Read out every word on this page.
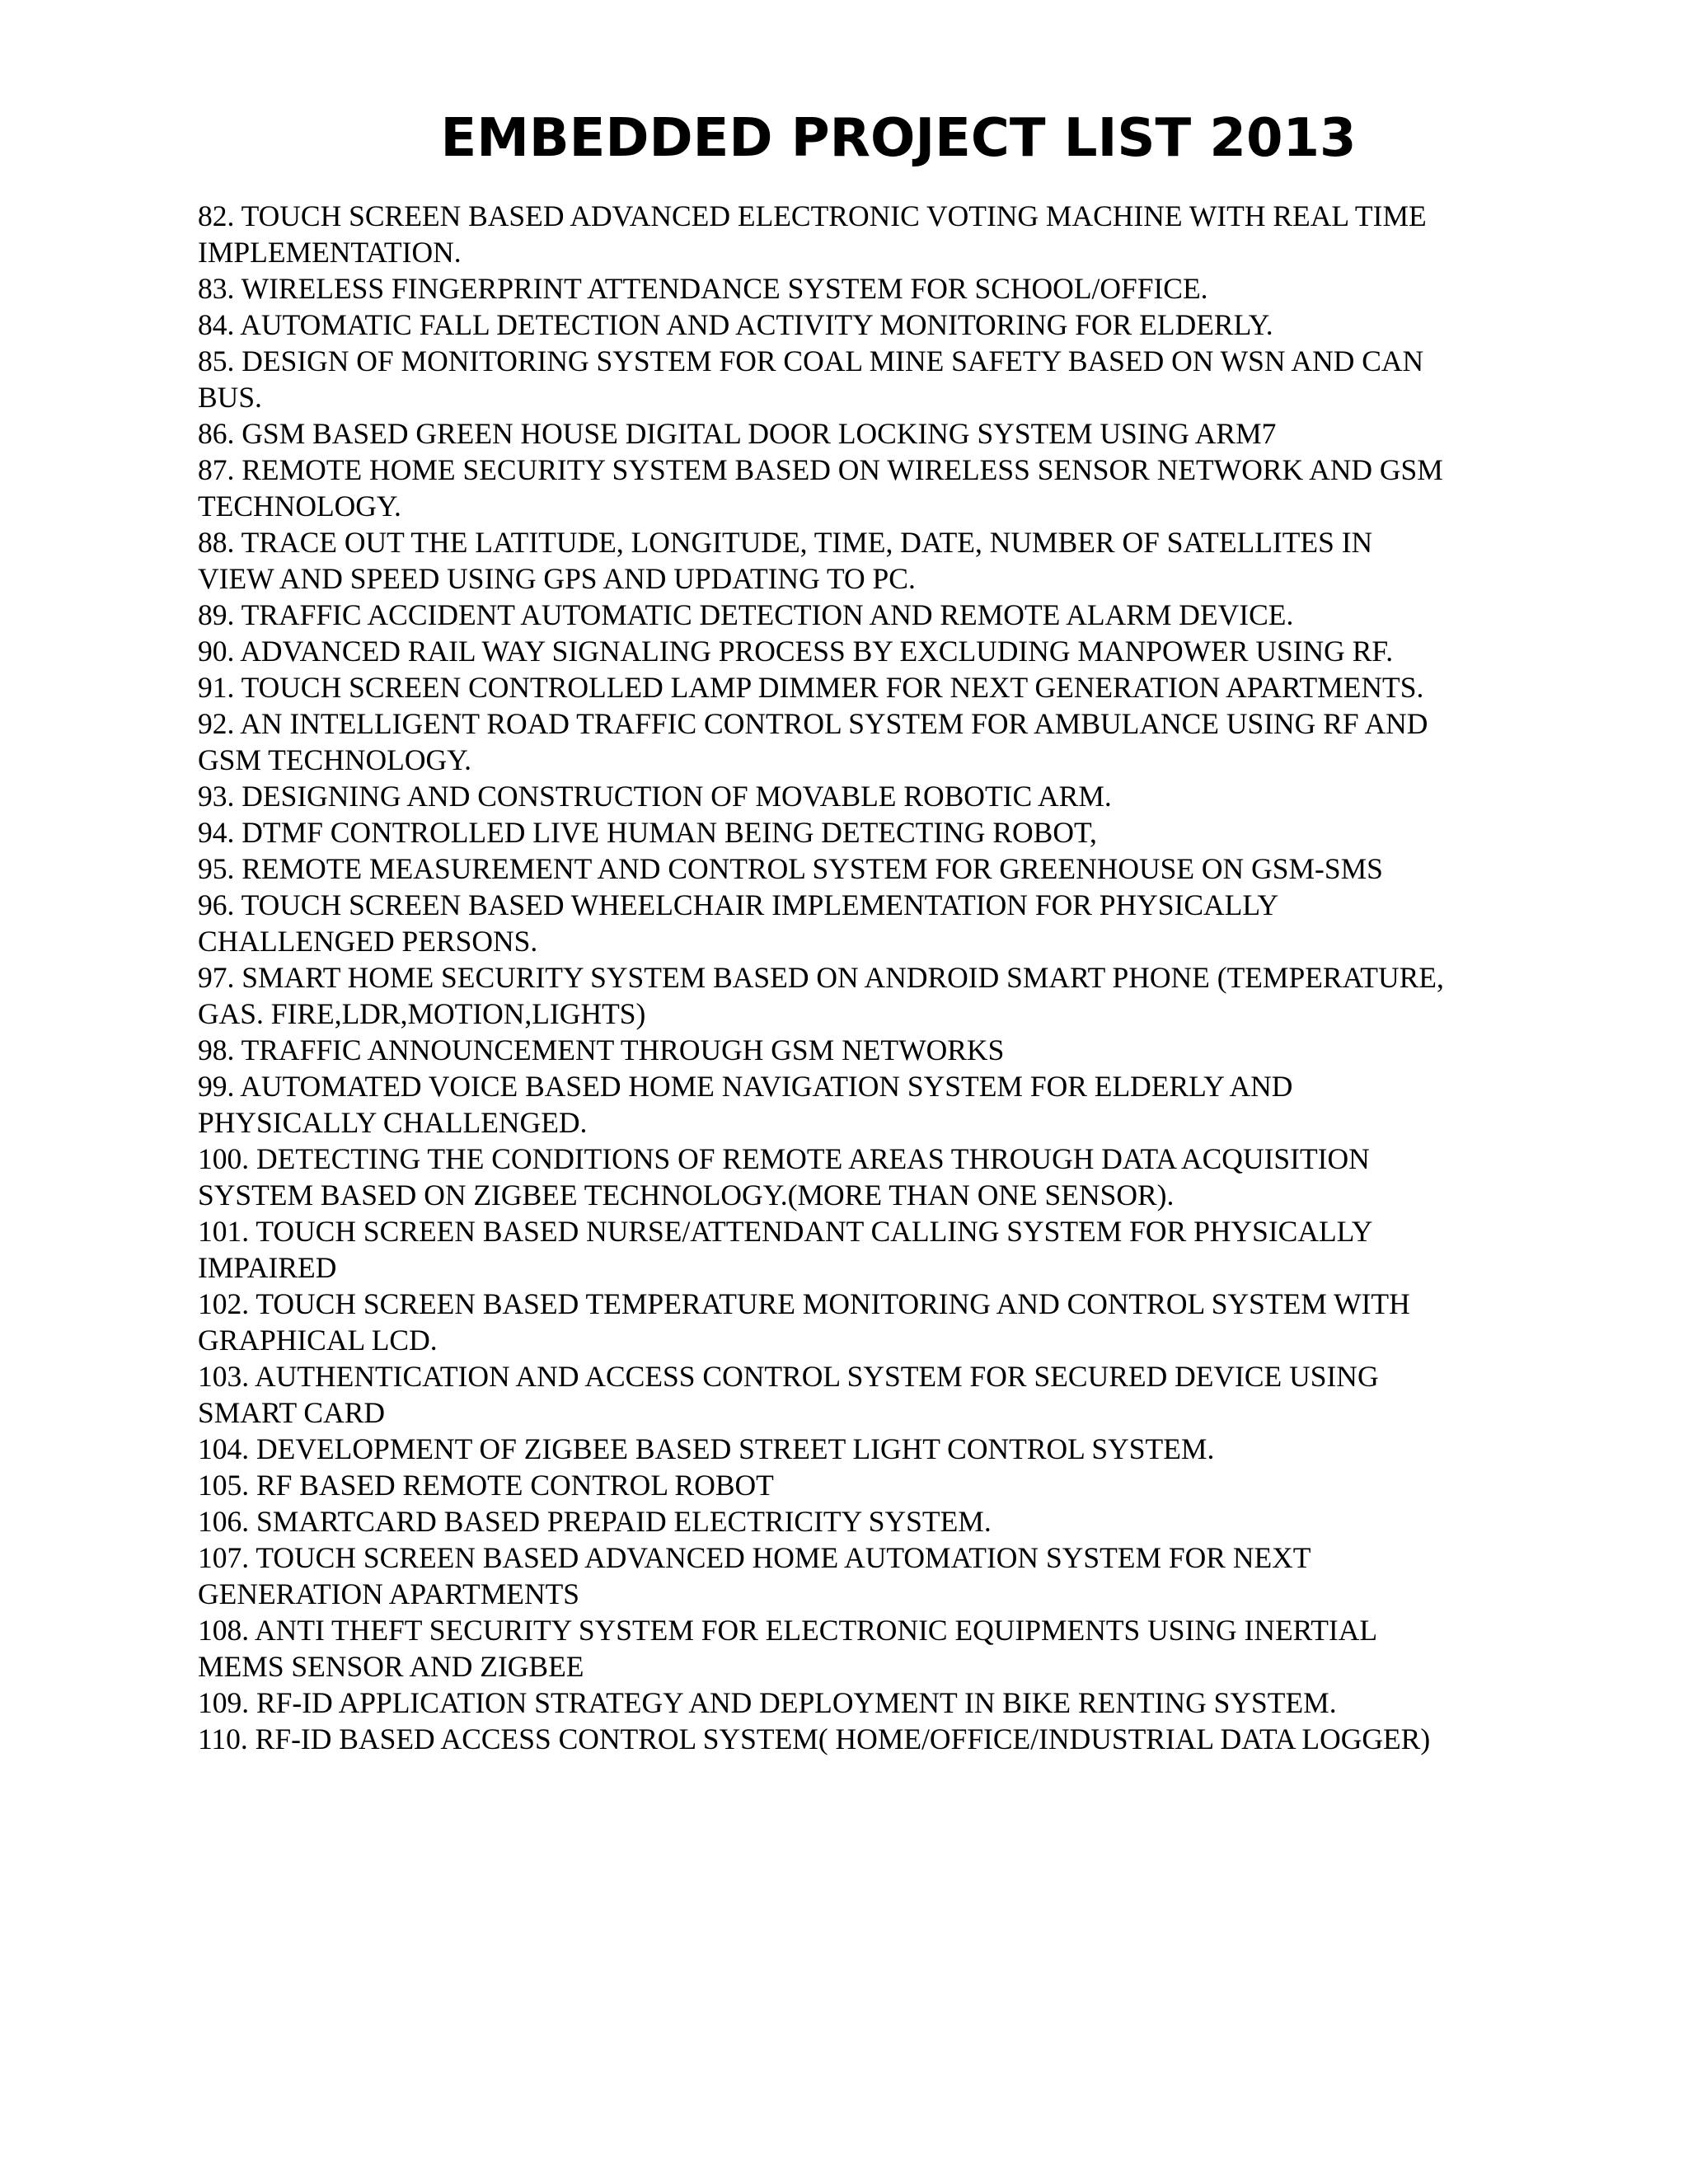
EMBEDDED PROJECT LIST 2013
82. TOUCH SCREEN BASED ADVANCED ELECTRONIC VOTING MACHINE WITH REAL TIME IMPLEMENTATION.
83. WIRELESS FINGERPRINT ATTENDANCE SYSTEM FOR SCHOOL/OFFICE.
84. AUTOMATIC FALL DETECTION AND ACTIVITY MONITORING FOR ELDERLY.
85. DESIGN OF MONITORING SYSTEM FOR COAL MINE SAFETY BASED ON WSN AND CAN BUS.
86. GSM BASED GREEN HOUSE DIGITAL DOOR LOCKING SYSTEM USING ARM7
87. REMOTE HOME SECURITY SYSTEM BASED ON WIRELESS SENSOR NETWORK AND GSM TECHNOLOGY.
88. TRACE OUT THE LATITUDE, LONGITUDE, TIME, DATE, NUMBER OF SATELLITES IN VIEW AND SPEED USING GPS AND UPDATING TO PC.
89. TRAFFIC ACCIDENT AUTOMATIC DETECTION AND REMOTE ALARM DEVICE.
90. ADVANCED RAIL WAY SIGNALING PROCESS BY EXCLUDING MANPOWER USING RF.
91. TOUCH SCREEN CONTROLLED LAMP DIMMER FOR NEXT GENERATION APARTMENTS.
92. AN INTELLIGENT ROAD TRAFFIC CONTROL SYSTEM FOR AMBULANCE USING RF AND GSM TECHNOLOGY.
93. DESIGNING AND CONSTRUCTION OF MOVABLE ROBOTIC ARM.
94. DTMF CONTROLLED LIVE HUMAN BEING DETECTING ROBOT,
95. REMOTE MEASUREMENT AND CONTROL SYSTEM FOR GREENHOUSE ON GSM-SMS
96. TOUCH SCREEN BASED WHEELCHAIR IMPLEMENTATION FOR PHYSICALLY CHALLENGED PERSONS.
97. SMART HOME SECURITY SYSTEM BASED ON ANDROID SMART PHONE (TEMPERATURE, GAS. FIRE,LDR,MOTION,LIGHTS)
98. TRAFFIC ANNOUNCEMENT THROUGH GSM NETWORKS
99. AUTOMATED VOICE BASED HOME NAVIGATION SYSTEM FOR ELDERLY AND PHYSICALLY CHALLENGED.
100. DETECTING THE CONDITIONS OF REMOTE AREAS THROUGH DATA ACQUISITION SYSTEM BASED ON ZIGBEE TECHNOLOGY.(MORE THAN ONE SENSOR).
101. TOUCH SCREEN BASED NURSE/ATTENDANT CALLING SYSTEM FOR PHYSICALLY IMPAIRED
102. TOUCH SCREEN BASED TEMPERATURE MONITORING AND CONTROL SYSTEM WITH GRAPHICAL LCD.
103. AUTHENTICATION AND ACCESS CONTROL SYSTEM FOR SECURED DEVICE USING SMART CARD
104. DEVELOPMENT OF ZIGBEE BASED STREET LIGHT CONTROL SYSTEM.
105. RF BASED REMOTE CONTROL ROBOT
106. SMARTCARD BASED PREPAID ELECTRICITY SYSTEM.
107. TOUCH SCREEN BASED ADVANCED HOME AUTOMATION SYSTEM FOR NEXT GENERATION APARTMENTS
108. ANTI THEFT SECURITY SYSTEM FOR ELECTRONIC EQUIPMENTS USING INERTIAL MEMS SENSOR AND ZIGBEE
109. RF-ID APPLICATION STRATEGY AND DEPLOYMENT IN BIKE RENTING SYSTEM.
110. RF-ID BASED ACCESS CONTROL SYSTEM( HOME/OFFICE/INDUSTRIAL DATA LOGGER)
